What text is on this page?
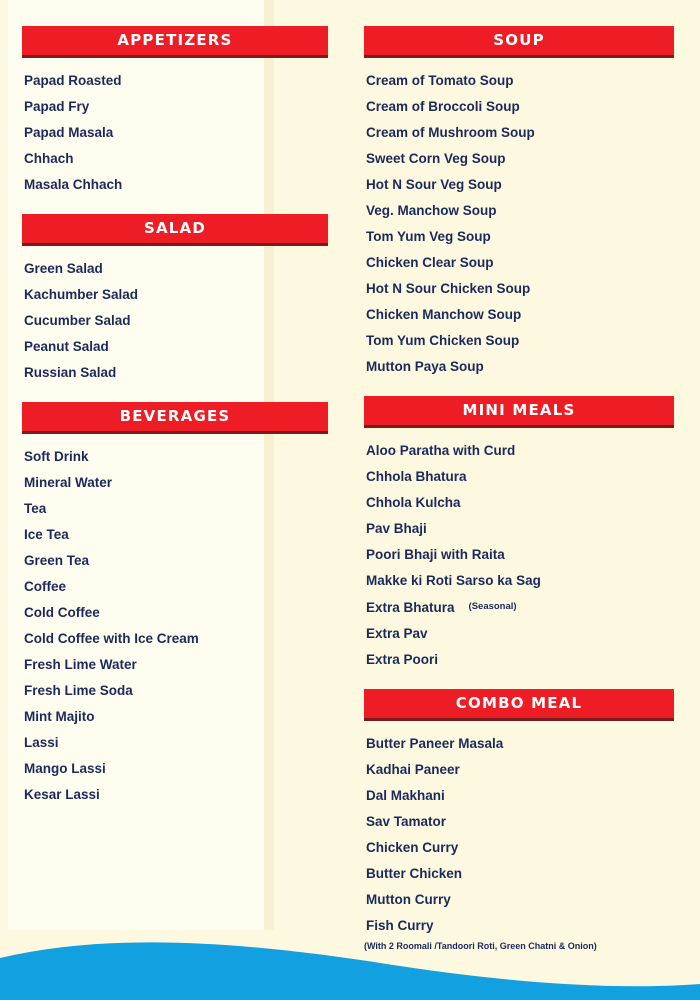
APPETIZERS
Papad Roasted
Papad Fry
Papad Masala
Chhach
Masala Chhach
SALAD
Green Salad
Kachumber Salad
Cucumber Salad
Peanut Salad
Russian Salad
BEVERAGES
Soft Drink
Mineral Water
Tea
Ice Tea
Green Tea
Coffee
Cold Coffee
Cold Coffee with Ice Cream
Fresh Lime Water
Fresh Lime Soda
Mint Majito
Lassi
Mango Lassi
Kesar Lassi
SOUP
Cream of Tomato Soup
Cream of Broccoli Soup
Cream of Mushroom Soup
Sweet Corn Veg Soup
Hot N Sour Veg Soup
Veg. Manchow Soup
Tom Yum Veg Soup
Chicken Clear Soup
Hot N Sour Chicken Soup
Chicken Manchow Soup
Tom Yum Chicken Soup
Mutton Paya Soup
MINI MEALS
Aloo Paratha with Curd
Chhola Bhatura
Chhola Kulcha
Pav Bhaji
Poori Bhaji with Raita
Makke ki Roti Sarso ka Sag
Extra Bhatura $^{(Seasonal)}$
Extra Pav
Extra Poori
COMBO MEAL
Butter Paneer Masala
Kadhai Paneer
Dal Makhani
Sav Tamator
Chicken Curry
Butter Chicken
Mutton Curry
Fish Curry
(With 2 Roomali /Tandoori Roti, Green Chatni & Onion)
